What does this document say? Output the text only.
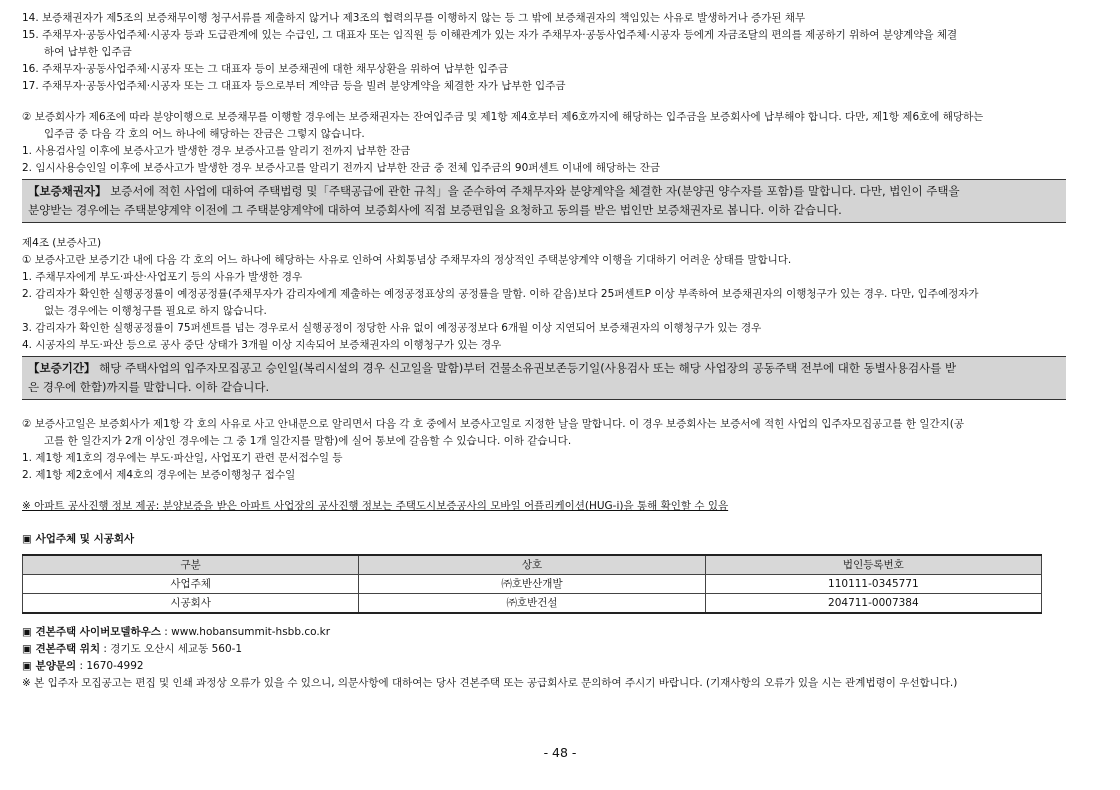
14. 보증채권자가 제5조의 보증채무이행 청구서류를 제출하지 않거나 제3조의 협력의무를 이행하지 않는 등 그 밖에 보증채권자의 책임있는 사유로 발생하거나 증가된 채무
15. 주채무자·공동사업주체·시공자 등과 도급관계에 있는 수급인, 그 대표자 또는 임직원 등 이해관계가 있는 자가 주채무자·공동사업주체·시공자 등에게 자금조달의 편의를 제공하기 위하여 분양계약을 체결
하여 납부한 입주금
16. 주채무자·공동사업주체·시공자 또는 그 대표자 등이 보증채권에 대한 채무상환을 위하여 납부한 입주금
17. 주채무자·공동사업주체·시공자 또는 그 대표자 등으로부터 계약금 등을 빌려 분양계약을 체결한 자가 납부한 입주금
② 보증회사가 제6조에 따라 분양이행으로 보증채무를 이행할 경우에는 보증채권자는 잔여입주금 및 제1항 제4호부터 제6호까지에 해당하는 입주금을 보증회사에 납부해야 합니다. 다만, 제1항 제6호에 해당하는
입주금 중 다음 각 호의 어느 하나에 해당하는 잔금은 그렇지 않습니다.
1. 사용검사일 이후에 보증사고가 발생한 경우 보증사고를 알리기 전까지 납부한 잔금
2. 임시사용승인일 이후에 보증사고가 발생한 경우 보증사고를 알리기 전까지 납부한 잔금 중 전체 입주금의 90퍼센트 이내에 해당하는 잔금
【보증채권자】 보증서에 적힌 사업에 대하여 주택법령 및「주택공급에 관한 규칙」을 준수하여 주채무자와 분양계약을 체결한 자(분양권 양수자를 포함)를 말합니다. 다만, 법인이 주택을
분양받는 경우에는 주택분양계약 이전에 그 주택분양계약에 대하여 보증회사에 직접 보증편입을 요청하고 동의를 받은 법인만 보증채권자로 봅니다. 이하 같습니다.
제4조 (보증사고)
① 보증사고란 보증기간 내에 다음 각 호의 어느 하나에 해당하는 사유로 인하여 사회통념상 주채무자의 정상적인 주택분양계약 이행을 기대하기 어려운 상태를 말합니다.
1. 주채무자에게 부도·파산·사업포기 등의 사유가 발생한 경우
2. 감리자가 확인한 실행공정률이 예정공정률(주채무자가 감리자에게 제출하는 예정공정표상의 공정률을 말함. 이하 같음)보다 25퍼센트P 이상 부족하여 보증채권자의 이행청구가 있는 경우. 다만, 입주예정자가
없는 경우에는 이행청구를 필요로 하지 않습니다.
3. 감리자가 확인한 실행공정률이 75퍼센트를 넘는 경우로서 실행공정이 정당한 사유 없이 예정공정보다 6개월 이상 지연되어 보증채권자의 이행청구가 있는 경우
4. 시공자의 부도·파산 등으로 공사 중단 상태가 3개월 이상 지속되어 보증채권자의 이행청구가 있는 경우
【보증기간】 해당 주택사업의 입주자모집공고 승인일(복리시설의 경우 신고일을 말함)부터 건물소유권보존등기일(사용검사 또는 해당 사업장의 공동주택 전부에 대한 동별사용검사를 받
은 경우에 한함)까지를 말합니다. 이하 같습니다.
② 보증사고일은 보증회사가 제1항 각 호의 사유로 사고 안내문으로 알리면서 다음 각 호 중에서 보증사고일로 지정한 날을 말합니다. 이 경우 보증회사는 보증서에 적힌 사업의 입주자모집공고를 한 일간지(공
고를 한 일간지가 2개 이상인 경우에는 그 중 1개 일간지를 말함)에 실어 통보에 갈음할 수 있습니다. 이하 같습니다.
1. 제1항 제1호의 경우에는 부도·파산일, 사업포기 관련 문서접수일 등
2. 제1항 제2호에서 제4호의 경우에는 보증이행청구 접수일
※ 아파트 공사진행 정보 제공: 분양보증을 받은 아파트 사업장의 공사진행 정보는 주택도시보증공사의 모바일 어플리케이션(HUG-i)을 통해 확인할 수 있음
▣ 사업주체 및 시공회사
구분	상호	법인등록번호
사업주체	㈜호반산개발	110111-0345771
시공회사	㈜호반건설	204711-0007384
▣ 견본주택 사이버모델하우스 : www.hobansummit-hsbb.co.kr
▣ 견본주택 위치 : 경기도 오산시 세교동 560-1
▣ 분양문의 : 1670-4992
※ 본 입주자 모집공고는 편집 및 인쇄 과정상 오류가 있을 수 있으니, 의문사항에 대하여는 당사 견본주택 또는 공급회사로 문의하여 주시기 바랍니다. (기재사항의 오류가 있을 시는 관계법령이 우선합니다.)
- 48 -
